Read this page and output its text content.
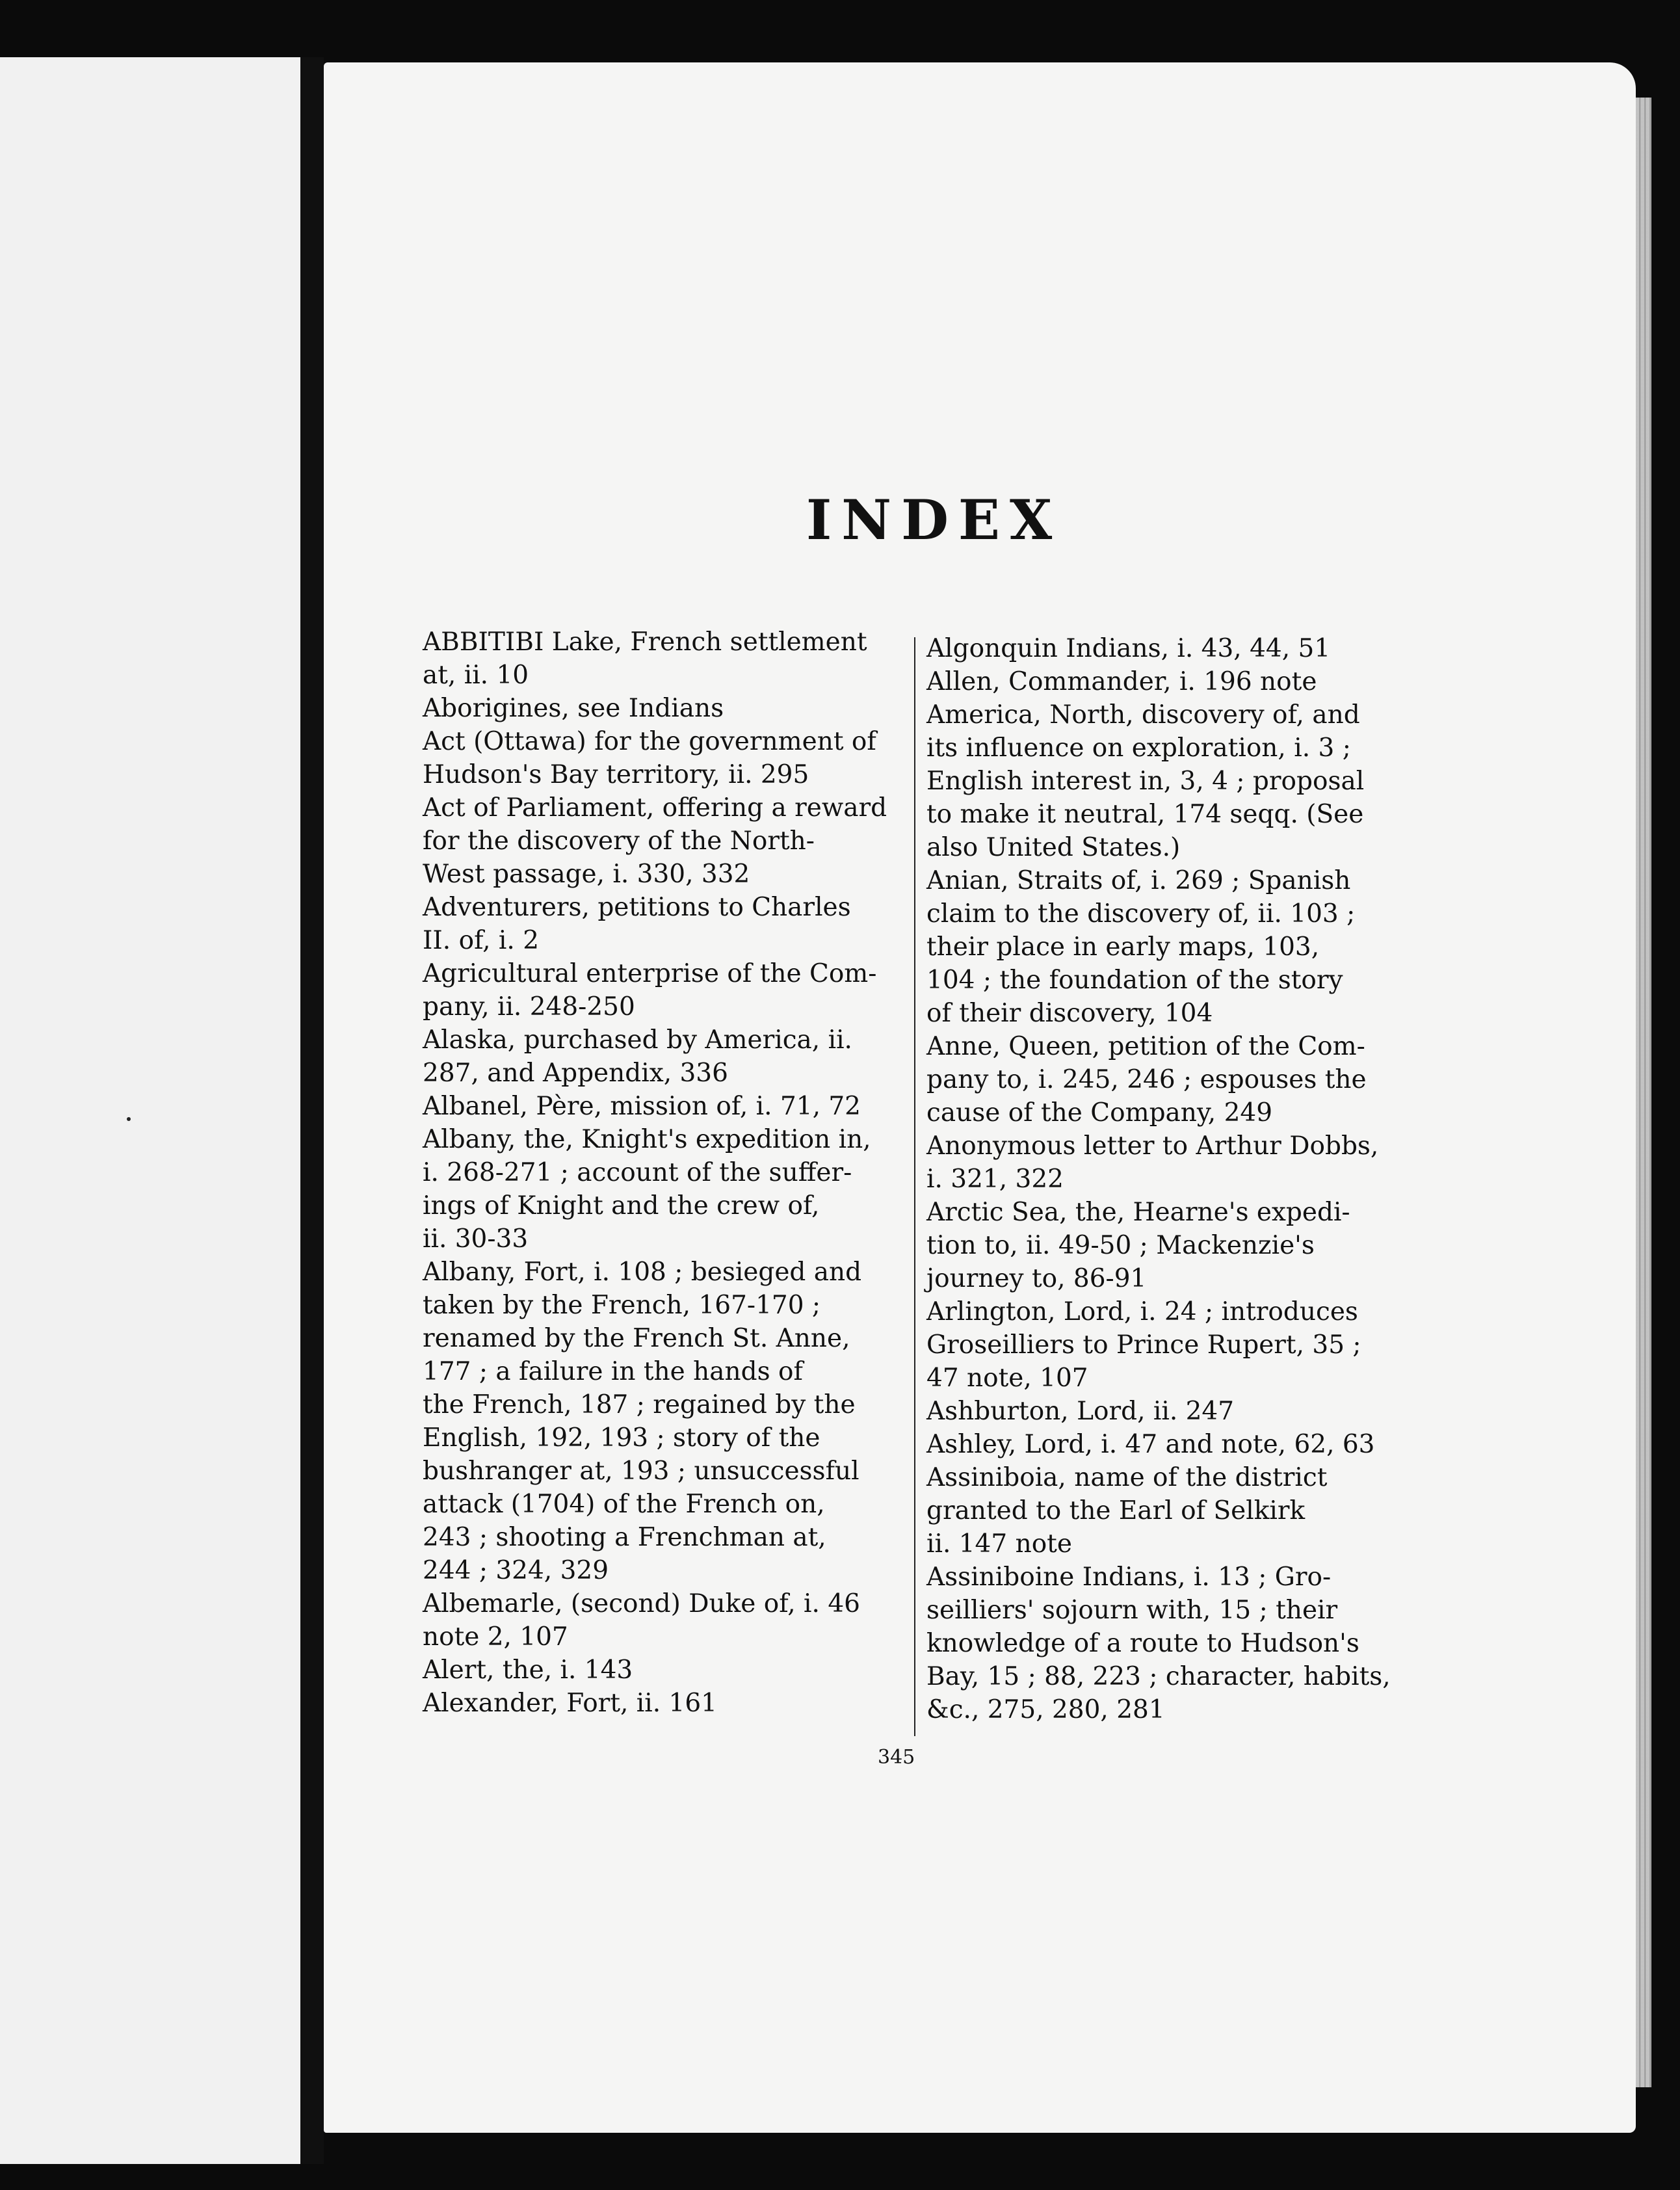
INDEX
ABBITIBI Lake, French settlement
at, ii. 10
Aborigines, see Indians
Act (Ottawa) for the government of
Hudson's Bay territory, ii. 295
Act of Parliament, offering a reward
for the discovery of the North-
West passage, i. 330, 332
Adventurers, petitions to Charles
II. of, i. 2
Agricultural enterprise of the Com-
pany, ii. 248-250
Alaska, purchased by America, ii.
287, and Appendix, 336
Albanel, Père, mission of, i. 71, 72
Albany, the, Knight's expedition in,
i. 268-271 ; account of the suffer-
ings of Knight and the crew of,
ii. 30-33
Albany, Fort, i. 108 ; besieged and
taken by the French, 167-170 ;
renamed by the French St. Anne,
177 ; a failure in the hands of
the French, 187 ; regained by the
English, 192, 193 ; story of the
bushranger at, 193 ; unsuccessful
attack (1704) of the French on,
243 ; shooting a Frenchman at,
244 ; 324, 329
Albemarle, (second) Duke of, i. 46
note 2, 107
Alert, the, i. 143
Alexander, Fort, ii. 161
Algonquin Indians, i. 43, 44, 51
Allen, Commander, i. 196 note
America, North, discovery of, and
its influence on exploration, i. 3 ;
English interest in, 3, 4 ; proposal
to make it neutral, 174 seqq. (See
also United States.)
Anian, Straits of, i. 269 ; Spanish
claim to the discovery of, ii. 103 ;
their place in early maps, 103,
104 ; the foundation of the story
of their discovery, 104
Anne, Queen, petition of the Com-
pany to, i. 245, 246 ; espouses the
cause of the Company, 249
Anonymous letter to Arthur Dobbs,
i. 321, 322
Arctic Sea, the, Hearne's expedi-
tion to, ii. 49-50 ; Mackenzie's
journey to, 86-91
Arlington, Lord, i. 24 ; introduces
Groseilliers to Prince Rupert, 35 ;
47 note, 107
Ashburton, Lord, ii. 247
Ashley, Lord, i. 47 and note, 62, 63
Assiniboia, name of the district
granted to the Earl of Selkirk
ii. 147 note
Assiniboine Indians, i. 13 ; Gro-
seilliers' sojourn with, 15 ; their
knowledge of a route to Hudson's
Bay, 15 ; 88, 223 ; character, habits,
&c., 275, 280, 281
345
